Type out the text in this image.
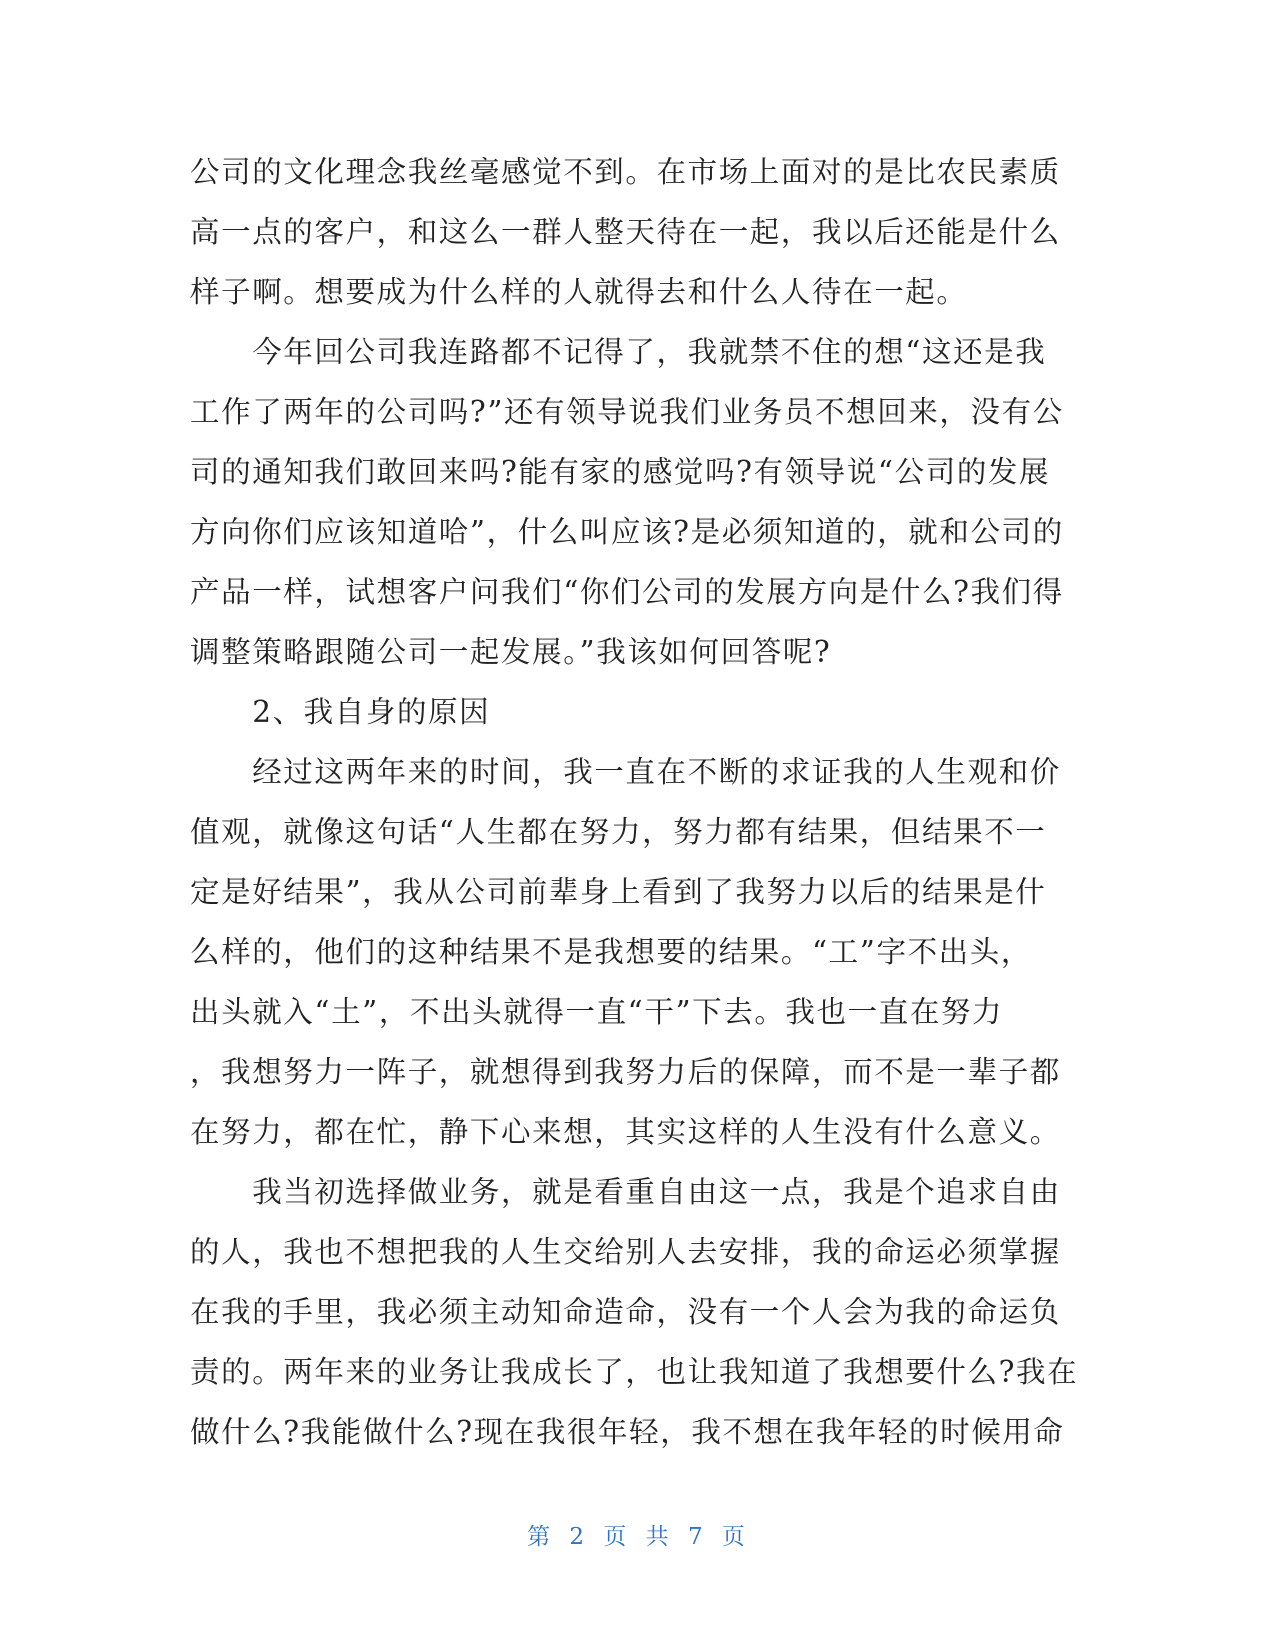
公司的文化理念我丝毫感觉不到。在市场上面对的是比农民素质
高一点的客户，和这么一群人整天待在一起，我以后还能是什么
样子啊。想要成为什么样的人就得去和什么人待在一起。
　　今年回公司我连路都不记得了，我就禁不住的想“这还是我
工作了两年的公司吗?”还有领导说我们业务员不想回来，没有公
司的通知我们敢回来吗?能有家的感觉吗?有领导说“公司的发展
方向你们应该知道哈”，什么叫应该?是必须知道的，就和公司的
产品一样，试想客户问我们“你们公司的发展方向是什么?我们得
调整策略跟随公司一起发展。”我该如何回答呢?
　　2、我自身的原因
　　经过这两年来的时间，我一直在不断的求证我的人生观和价
值观，就像这句话“人生都在努力，努力都有结果，但结果不一
定是好结果”，我从公司前辈身上看到了我努力以后的结果是什
么样的，他们的这种结果不是我想要的结果。“工”字不出头，
出头就入“土”，不出头就得一直“干”下去。我也一直在努力
，我想努力一阵子，就想得到我努力后的保障，而不是一辈子都
在努力，都在忙，静下心来想，其实这样的人生没有什么意义。
　　我当初选择做业务，就是看重自由这一点，我是个追求自由
的人，我也不想把我的人生交给别人去安排，我的命运必须掌握
在我的手里，我必须主动知命造命，没有一个人会为我的命运负
责的。两年来的业务让我成长了，也让我知道了我想要什么?我在
做什么?我能做什么?现在我很年轻，我不想在我年轻的时候用命
第 2 页 共 7 页
